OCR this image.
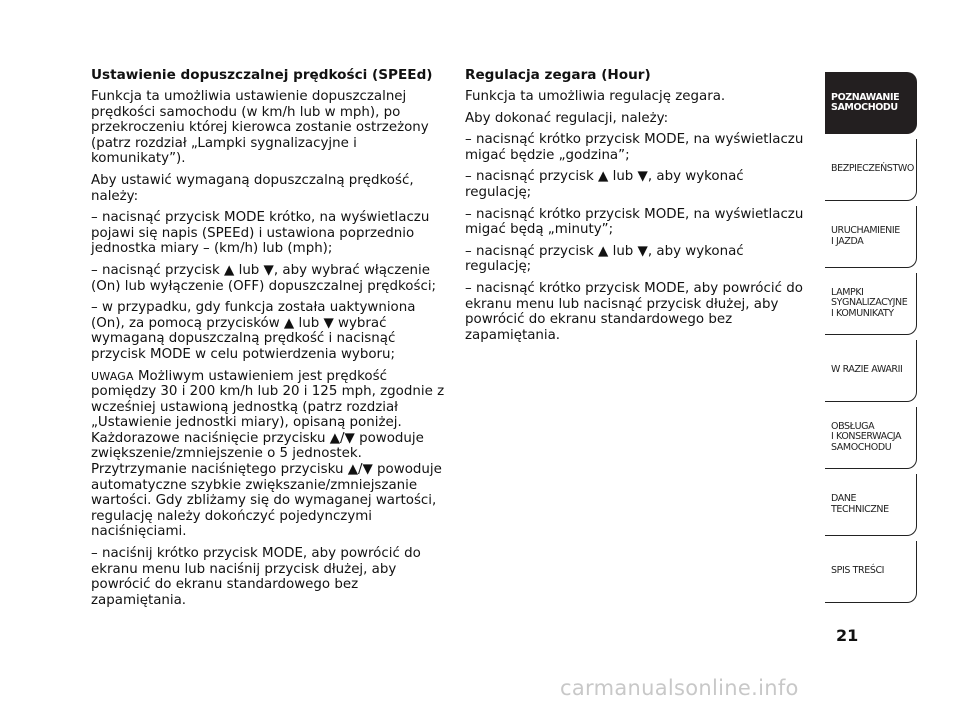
Ustawienie dopuszczalnej prędkości (SPEEd)

Funkcja ta umożliwia ustawienie dopuszczalnej prędkości samochodu (w km/h lub w mph), po przekroczeniu której kierowca zostanie ostrzeżony (patrz rozdział „Lampki sygnalizacyjne i komunikaty”).

Aby ustawić wymaganą dopuszczalną prędkość, należy:

– nacisnąć przycisk MODE krótko, na wyświetlaczu pojawi się napis (SPEEd) i ustawiona poprzednio jednostka miary – (km/h) lub (mph);

– nacisnąć przycisk ▲ lub ▼, aby wybrać włączenie (On) lub wyłączenie (OFF) dopuszczalnej prędkości;

– w przypadku, gdy funkcja została uaktywniona (On), za pomocą przycisków ▲ lub ▼ wybrać wymaganą dopuszczalną prędkość i nacisnąć przycisk MODE w celu potwierdzenia wyboru;

UWAGA Możliwym ustawieniem jest prędkość pomiędzy 30 i 200 km/h lub 20 i 125 mph, zgodnie z wcześniej ustawioną jednostką (patrz rozdział „Ustawienie jednostki miary), opisaną poniżej. Każdorazowe naciśnięcie przycisku ▲/▼ powoduje zwiększenie/zmniejszenie o 5 jednostek. Przytrzymanie naciśniętego przycisku ▲/▼ powoduje automatyczne szybkie zwiększanie/zmniejszanie wartości. Gdy zbliżamy się do wymaganej wartości, regulację należy dokończyć pojedynczymi naciśnięciami.

– naciśnij krótko przycisk MODE, aby powrócić do ekranu menu lub naciśnij przycisk dłużej, aby powrócić do ekranu standardowego bez zapamiętania.

Regulacja zegara (Hour)

Funkcja ta umożliwia regulację zegara.

Aby dokonać regulacji, należy:

– nacisnąć krótko przycisk MODE, na wyświetlaczu migać będzie „godzina”;

– nacisnąć przycisk ▲ lub ▼, aby wykonać regulację;

– nacisnąć krótko przycisk MODE, na wyświetlaczu migać będą „minuty”;

– nacisnąć przycisk ▲ lub ▼, aby wykonać regulację;

– nacisnąć krótko przycisk MODE, aby powrócić do ekranu menu lub nacisnąć przycisk dłużej, aby powrócić do ekranu standardowego bez zapamiętania.

POZNAWANIE
SAMOCHODU
BEZPIECZEŃSTWO
URUCHAMIENIE
I JAZDA
LAMPKI
SYGNALIZACYJNE
I KOMUNIKATY
W RAZIE AWARII
OBSŁUGA
I KONSERWACJA
SAMOCHODU
DANE TECHNICZNE
SPIS TREŚCI
21
carmanualsonline.info
